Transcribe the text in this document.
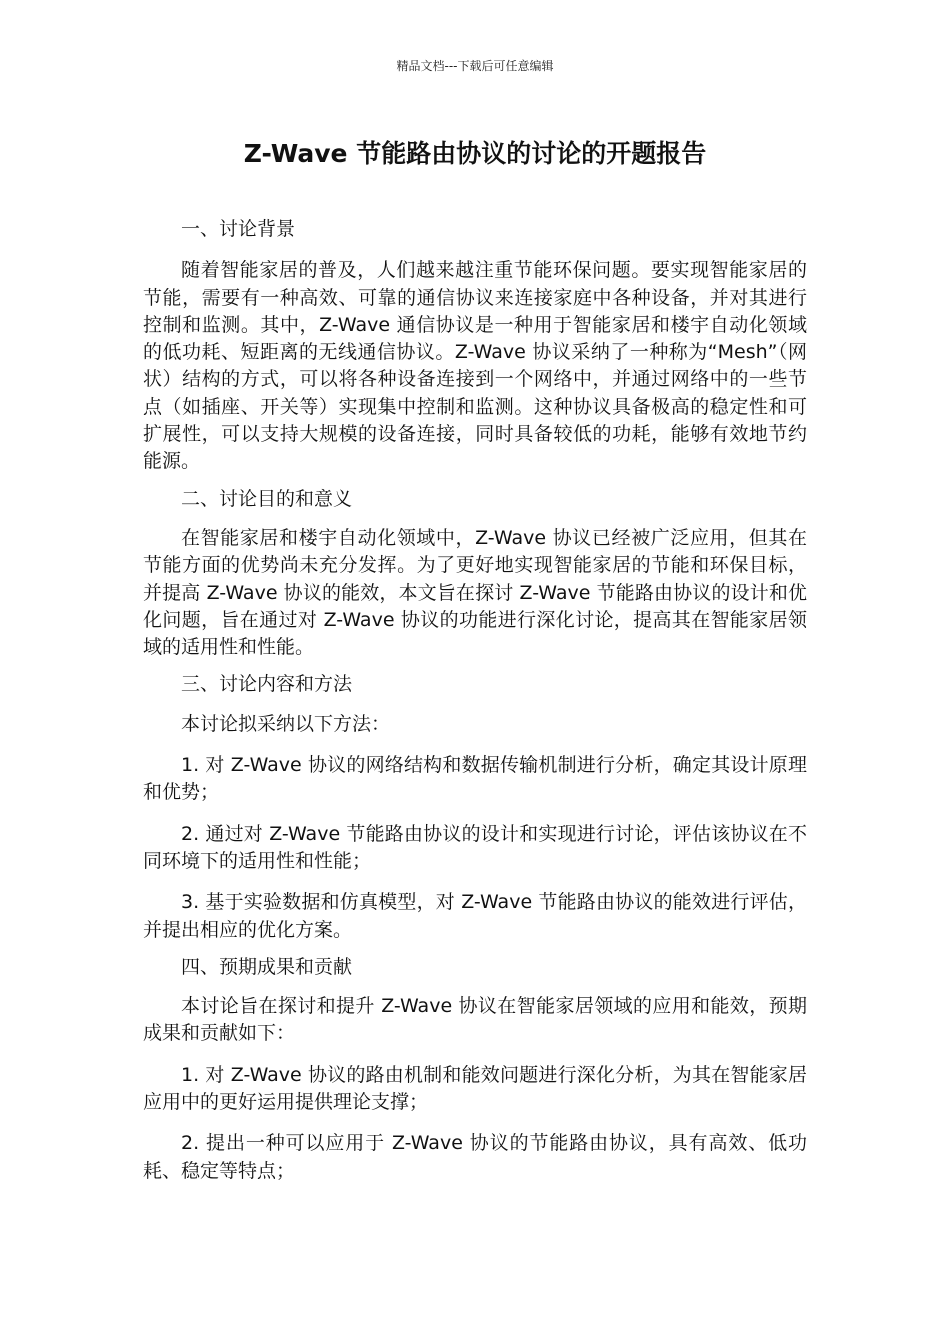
精品文档---下载后可任意编辑
Z-Wave 节能路由协议的讨论的开题报告

一、讨论背景

随着智能家居的普及，人们越来越注重节能环保问题。要实现智能家居的节能，需要有一种高效、可靠的通信协议来连接家庭中各种设备，并对其进行控制和监测。其中，Z-Wave 通信协议是一种用于智能家居和楼宇自动化领域的低功耗、短距离的无线通信协议。Z-Wave 协议采纳了一种称为“Mesh”（网状）结构的方式，可以将各种设备连接到一个网络中，并通过网络中的一些节点（如插座、开关等）实现集中控制和监测。这种协议具备极高的稳定性和可扩展性，可以支持大规模的设备连接，同时具备较低的功耗，能够有效地节约能源。

二、讨论目的和意义

在智能家居和楼宇自动化领域中，Z-Wave 协议已经被广泛应用，但其在节能方面的优势尚未充分发挥。为了更好地实现智能家居的节能和环保目标，并提高 Z-Wave 协议的能效，本文旨在探讨 Z-Wave 节能路由协议的设计和优化问题，旨在通过对 Z-Wave 协议的功能进行深化讨论，提高其在智能家居领域的适用性和性能。

三、讨论内容和方法

本讨论拟采纳以下方法：

1. 对 Z-Wave 协议的网络结构和数据传输机制进行分析，确定其设计原理和优势；

2. 通过对 Z-Wave 节能路由协议的设计和实现进行讨论，评估该协议在不同环境下的适用性和性能；

3. 基于实验数据和仿真模型，对 Z-Wave 节能路由协议的能效进行评估，并提出相应的优化方案。

四、预期成果和贡献

本讨论旨在探讨和提升 Z-Wave 协议在智能家居领域的应用和能效，预期成果和贡献如下：

1. 对 Z-Wave 协议的路由机制和能效问题进行深化分析，为其在智能家居应用中的更好运用提供理论支撑；

2. 提出一种可以应用于 Z-Wave 协议的节能路由协议，具有高效、低功耗、稳定等特点；
